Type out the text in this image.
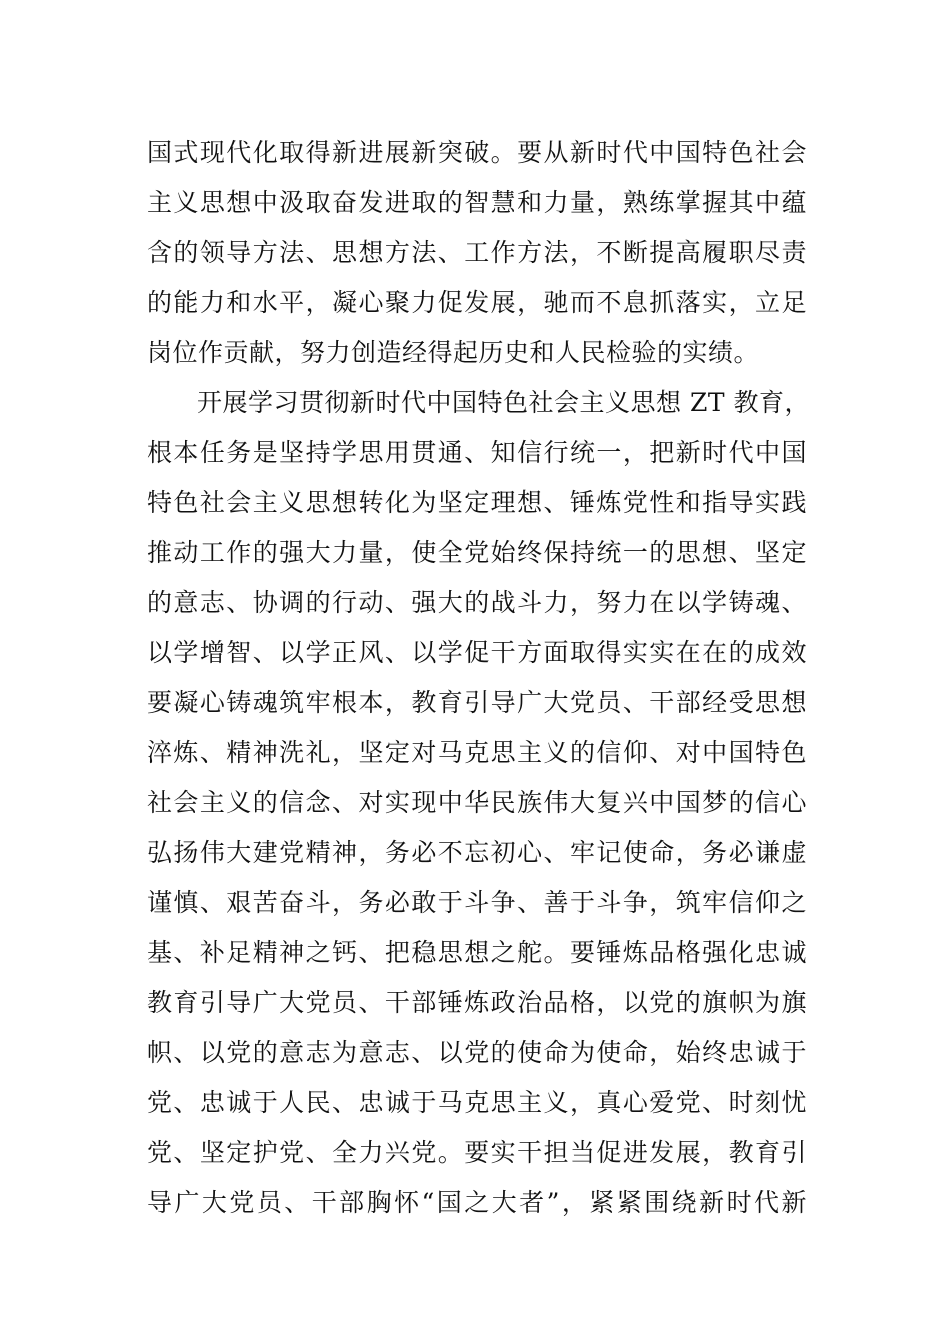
国式现代化取得新进展新突破。要从新时代中国特色社会
主义思想中汲取奋发进取的智慧和力量，熟练掌握其中蕴
含的领导方法、思想方法、工作方法，不断提高履职尽责
的能力和水平，凝心聚力促发展，驰而不息抓落实，立足
岗位作贡献，努力创造经得起历史和人民检验的实绩。
开展学习贯彻新时代中国特色社会主义思想 ZT 教育，
根本任务是坚持学思用贯通、知信行统一，把新时代中国
特色社会主义思想转化为坚定理想、锤炼党性和指导实践
推动工作的强大力量，使全党始终保持统一的思想、坚定
的意志、协调的行动、强大的战斗力，努力在以学铸魂、
以学增智、以学正风、以学促干方面取得实实在在的成效
要凝心铸魂筑牢根本，教育引导广大党员、干部经受思想
淬炼、精神洗礼，坚定对马克思主义的信仰、对中国特色
社会主义的信念、对实现中华民族伟大复兴中国梦的信心
弘扬伟大建党精神，务必不忘初心、牢记使命，务必谦虚
谨慎、艰苦奋斗，务必敢于斗争、善于斗争，筑牢信仰之
基、补足精神之钙、把稳思想之舵。要锤炼品格强化忠诚
教育引导广大党员、干部锤炼政治品格，以党的旗帜为旗
帜、以党的意志为意志、以党的使命为使命，始终忠诚于
党、忠诚于人民、忠诚于马克思主义，真心爱党、时刻忧
党、坚定护党、全力兴党。要实干担当促进发展，教育引
导广大党员、干部胸怀“国之大者”，紧紧围绕新时代新
